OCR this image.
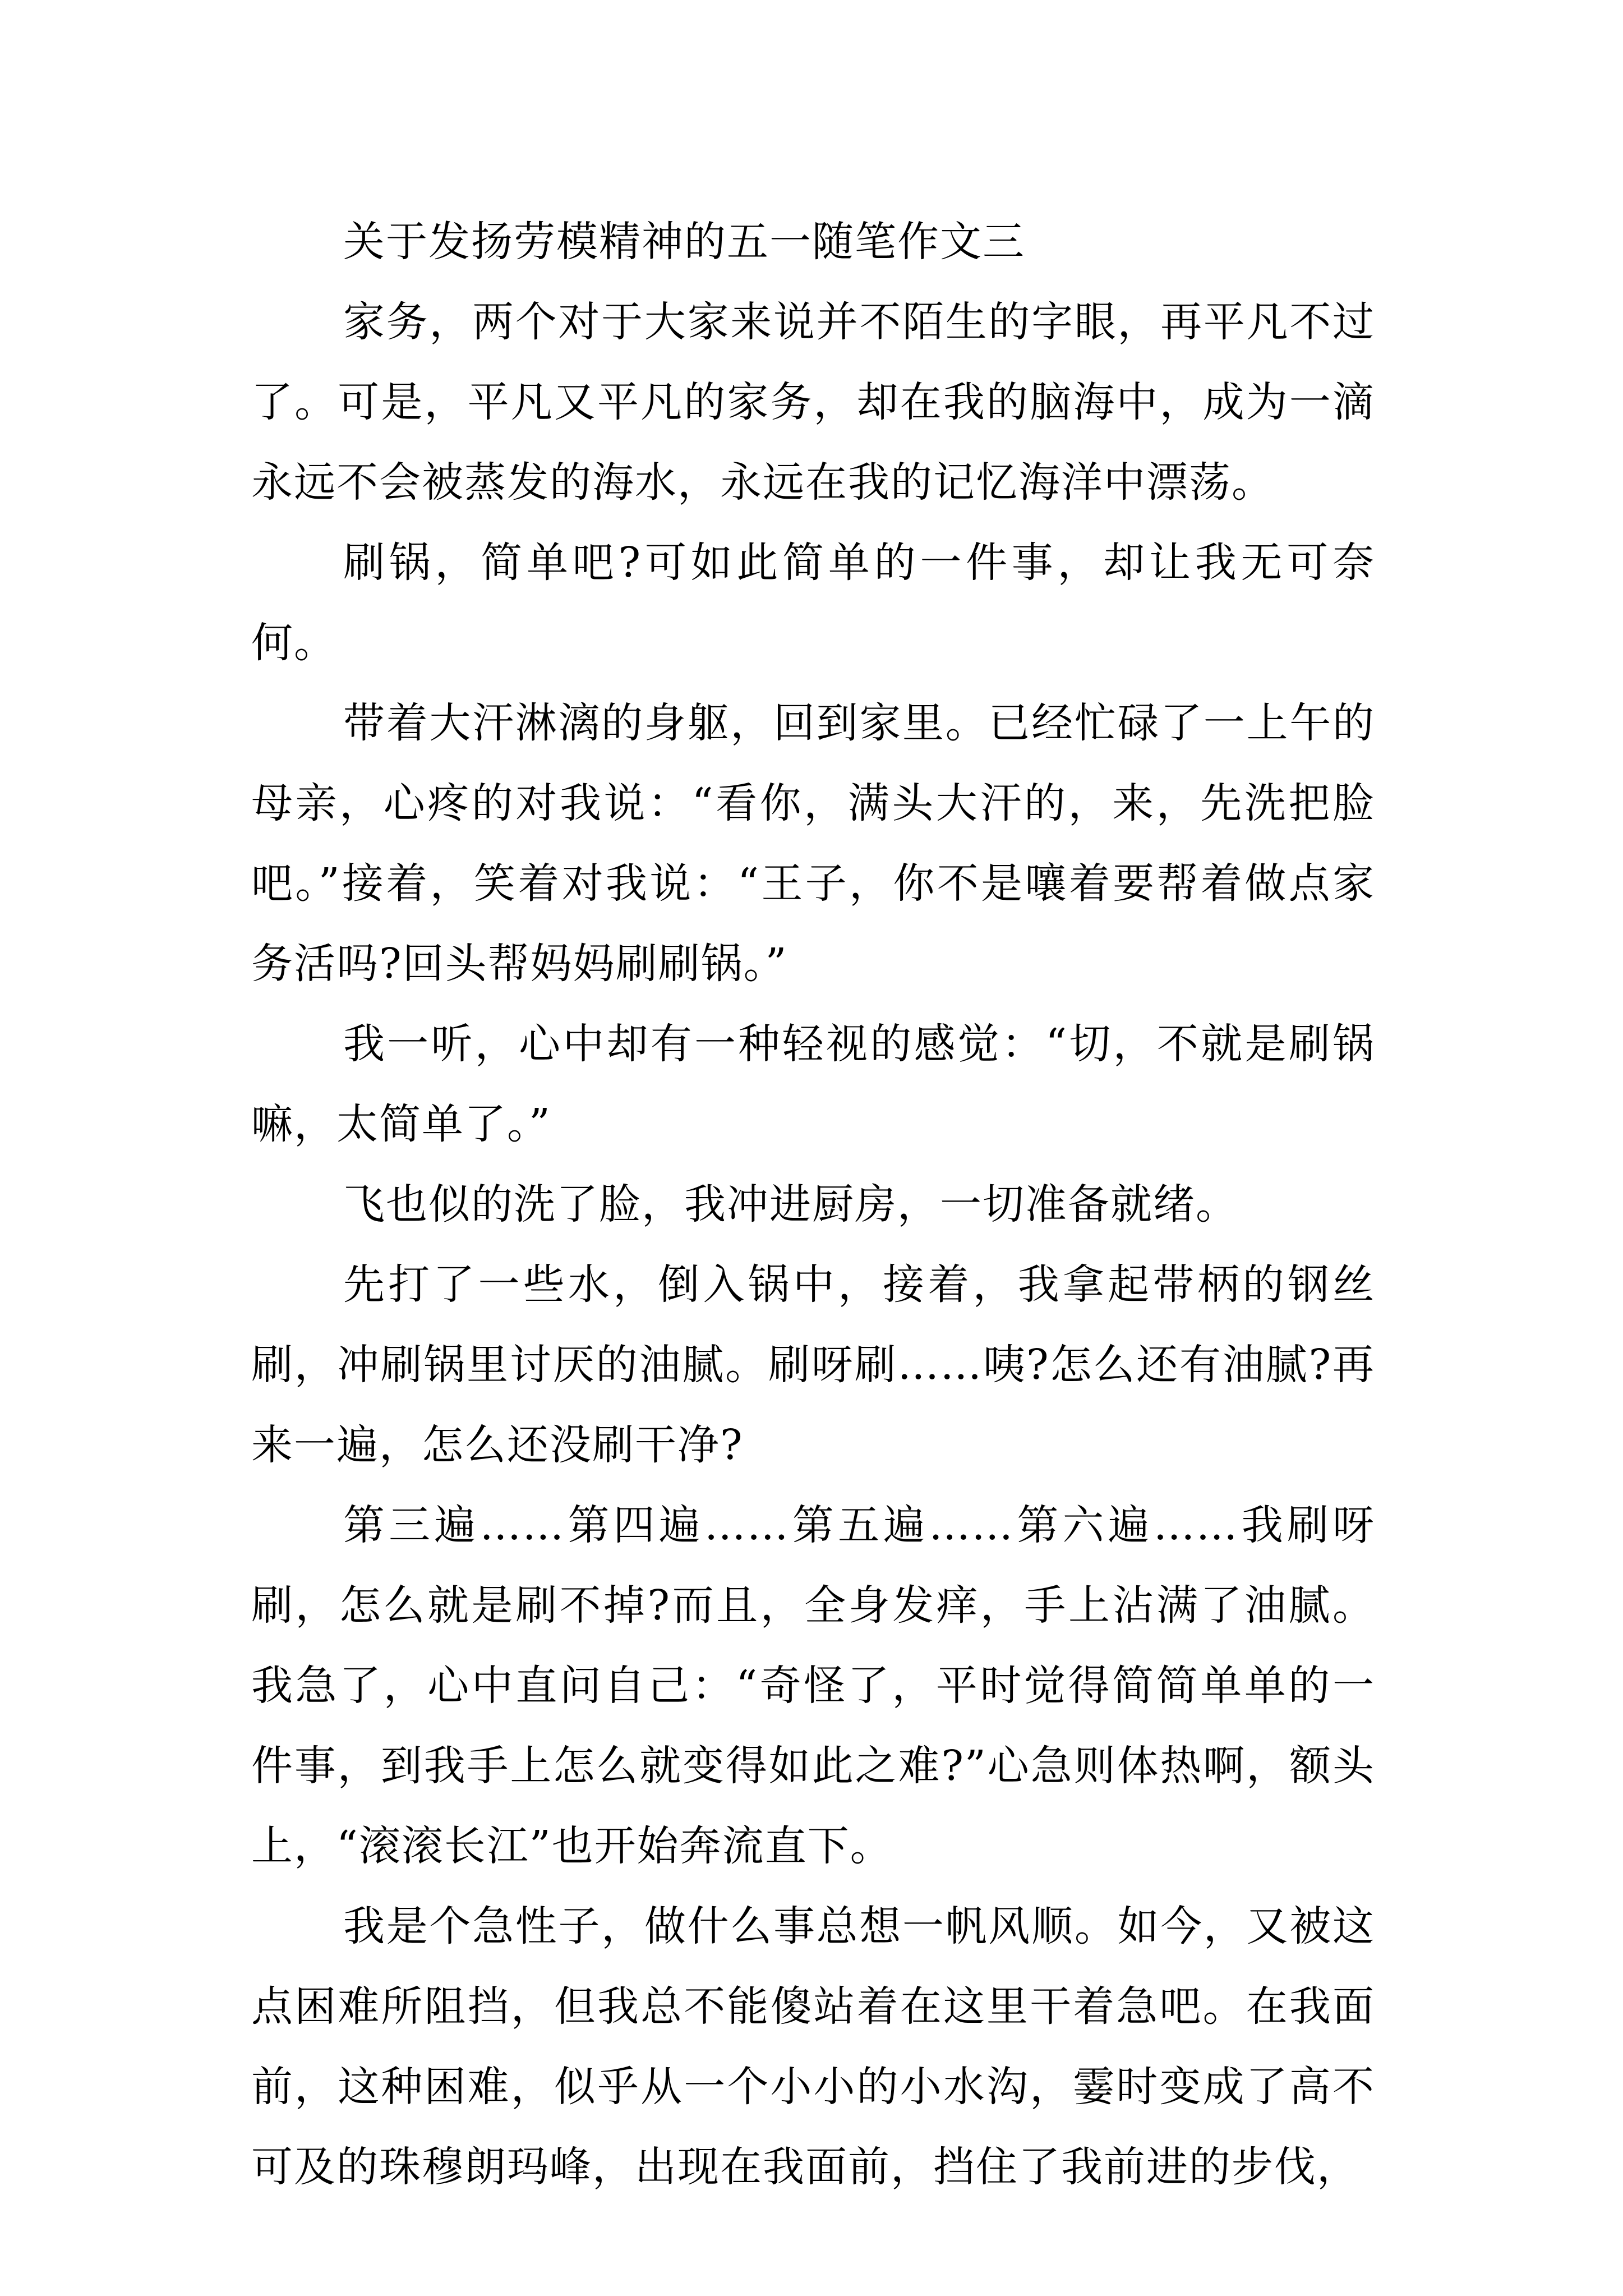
关于发扬劳模精神的五一随笔作文三

家务，两个对于大家来说并不陌生的字眼，再平凡不过了。可是，平凡又平凡的家务，却在我的脑海中，成为一滴永远不会被蒸发的海水，永远在我的记忆海洋中漂荡。

刷锅，简单吧?可如此简单的一件事，却让我无可奈何。

带着大汗淋漓的身躯，回到家里。已经忙碌了一上午的母亲，心疼的对我说：“看你，满头大汗的，来，先洗把脸吧。”接着，笑着对我说：“王子，你不是嚷着要帮着做点家务活吗?回头帮妈妈刷刷锅。”

我一听，心中却有一种轻视的感觉：“切，不就是刷锅嘛，太简单了。”

飞也似的洗了脸，我冲进厨房，一切准备就绪。

先打了一些水，倒入锅中，接着，我拿起带柄的钢丝刷，冲刷锅里讨厌的油腻。刷呀刷……咦?怎么还有油腻?再来一遍，怎么还没刷干净?

第三遍……第四遍……第五遍……第六遍……我刷呀刷，怎么就是刷不掉?而且，全身发痒，手上沾满了油腻。我急了，心中直问自己：“奇怪了，平时觉得简简单单的一件事，到我手上怎么就变得如此之难?”心急则体热啊，额头上，“滚滚长江”也开始奔流直下。

我是个急性子，做什么事总想一帆风顺。如今，又被这点困难所阻挡，但我总不能傻站着在这里干着急吧。在我面前，这种困难，似乎从一个小小的小水沟，霎时变成了高不可及的珠穆朗玛峰，出现在我面前，挡住了我前进的步伐，
